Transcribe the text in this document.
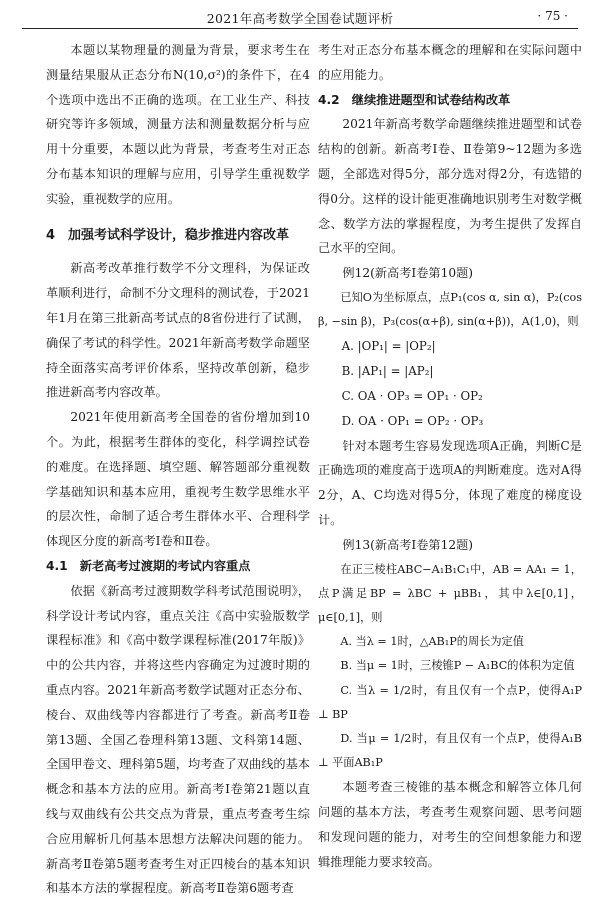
2021年高考数学全国卷试题评析	· 75 ·

本题以某物理量的测量为背景，要求考生在测量结果服从正态分布N(10,σ²)的条件下，在4个选项中选出不正确的选项。在工业生产、科技研究等许多领域，测量方法和测量数据分析与应用十分重要，本题以此为背景，考查考生对正态分布基本知识的理解与应用，引导学生重视数学实验，重视数学的应用。

4　加强考试科学设计，稳步推进内容改革

新高考改革推行数学不分文理科，为保证改革顺利进行，命制不分文理科的测试卷，于2021年1月在第三批新高考试点的8省份进行了试测，确保了考试的科学性。2021年新高考数学命题坚持全面落实高考评价体系，坚持改革创新，稳步推进新高考内容改革。

2021年使用新高考全国卷的省份增加到10个。为此，根据考生群体的变化，科学调控试卷的难度。在选择题、填空题、解答题部分重视数学基础知识和基本应用，重视考生数学思维水平的层次性，命制了适合考生群体水平、合理科学体现区分度的新高考Ⅰ卷和Ⅱ卷。

4.1　新老高考过渡期的考试内容重点

依据《新高考过渡期数学科考试范围说明》，科学设计考试内容，重点关注《高中实验版数学课程标准》和《高中数学课程标准(2017年版)》中的公共内容，并将这些内容确定为过渡时期的重点内容。2021年新高考数学试题对正态分布、棱台、双曲线等内容都进行了考查。新高考Ⅱ卷第13题、全国乙卷理科第13题、文科第14题、全国甲卷文、理科第5题，均考查了双曲线的基本概念和基本方法的应用。新高考Ⅰ卷第21题以直线与双曲线有公共交点为背景，重点考查考生综合应用解析几何基本思想方法解决问题的能力。新高考Ⅱ卷第5题考查考生对正四棱台的基本知识和基本方法的掌握程度。新高考Ⅱ卷第6题考查

考生对正态分布基本概念的理解和在实际问题中的应用能力。

4.2　继续推进题型和试卷结构改革

2021年新高考数学命题继续推进题型和试卷结构的创新。新高考Ⅰ卷、Ⅱ卷第9~12题为多选题，全部选对得5分，部分选对得2分，有选错的得0分。这样的设计能更准确地识别考生对数学概念、数学方法的掌握程度，为考生提供了发挥自己水平的空间。

例12(新高考Ⅰ卷第10题)

已知O为坐标原点，点P₁(cos α, sin α)，P₂(cos β, −sin β)，P₃(cos(α+β), sin(α+β))，A(1,0)，则

A. |OP₁| = |OP₂|

B. |AP₁| = |AP₂|

C. OA · OP₃ = OP₁ · OP₂

D. OA · OP₁ = OP₂ · OP₃

针对本题考生容易发现选项A正确，判断C是正确选项的难度高于选项A的判断难度。选对A得2分，A、C均选对得5分，体现了难度的梯度设计。

例13(新高考Ⅰ卷第12题)

在正三棱柱ABC−A₁B₁C₁中，AB = AA₁ = 1，点P满足BP = λBC + μBB₁，其中λ∈[0,1]，μ∈[0,1]，则

A. 当λ = 1时，△AB₁P的周长为定值

B. 当μ = 1时，三棱锥P − A₁BC的体积为定值

C. 当λ = 1/2时，有且仅有一个点P，使得A₁P ⊥ BP

D. 当μ = 1/2时，有且仅有一个点P，使得A₁B ⊥ 平面AB₁P

本题考查三棱锥的基本概念和解答立体几何问题的基本方法，考查考生观察问题、思考问题和发现问题的能力，对考生的空间想象能力和逻辑推理能力要求较高。
